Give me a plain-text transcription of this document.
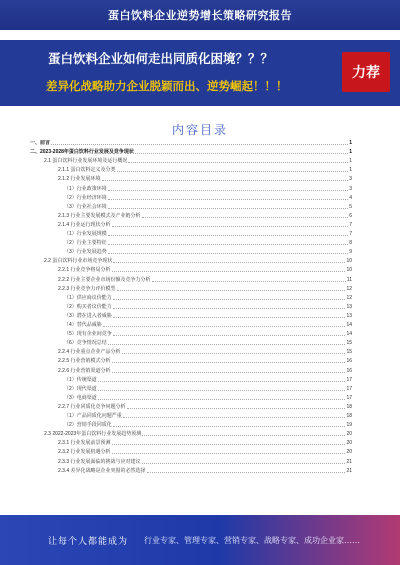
蛋白饮料企业逆势增长策略研究报告
蛋白饮料企业如何走出同质化困境？？？
差异化战略助力企业脱颖而出、逆势崛起！！！
力荐
内容目录
一、前言	1
二、2023-2028年蛋白饮料行业发展及竞争现状	1
2.1 蛋白饮料行业发展环境及运行概况	1
2.1.1 蛋白饮料定义及分类	1
2.1.2 行业发展环境	3
（1）行业政策环境	3
（2）行业经济环境	4
（3）行业社会环境	5
2.1.3 行业主要发展模式及产业链分析	6
2.1.4 行业运行现状分析	7
（1）行业发展规模	7
（2）行业主要特征	8
（3）行业发展趋势	9
2.2 蛋白饮料行业市场竞争现状	10
2.2.1 行业竞争格局分析	10
2.2.2 行业主要企业市场份额及竞争力分析	11
2.2.3 行业竞争力评价模型	12
（1）供应商议价能力	12
（2）购买者议价能力	13
（3）潜在进入者威胁	13
（4）替代品威胁	14
（5）现有企业间竞争	14
（6）竞争情况总结	15
2.2.4 行业重点企业产品分析	15
2.2.5 行业营销模式分析	16
2.2.6 行业营销渠道分析	16
（1）传统渠道	17
（2）现代渠道	17
（3）电商渠道	17
2.2.7 行业同质化竞争问题分析	18
（1）产品同质化问题严重	18
（2）营销手段同质化	19
2.3 2022-2023年蛋白饮料行业发展趋势预测	20
2.3.1 行业发展前景预测	20
2.3.2 行业发展机遇分析	20
2.3.3 行业发展面临的挑战与应对建议	21
2.3.4 差异化战略是企业突围的必然选择	21
让每个人都能成为 行业专家、管理专家、营销专家、战略专家、成功企业家……
